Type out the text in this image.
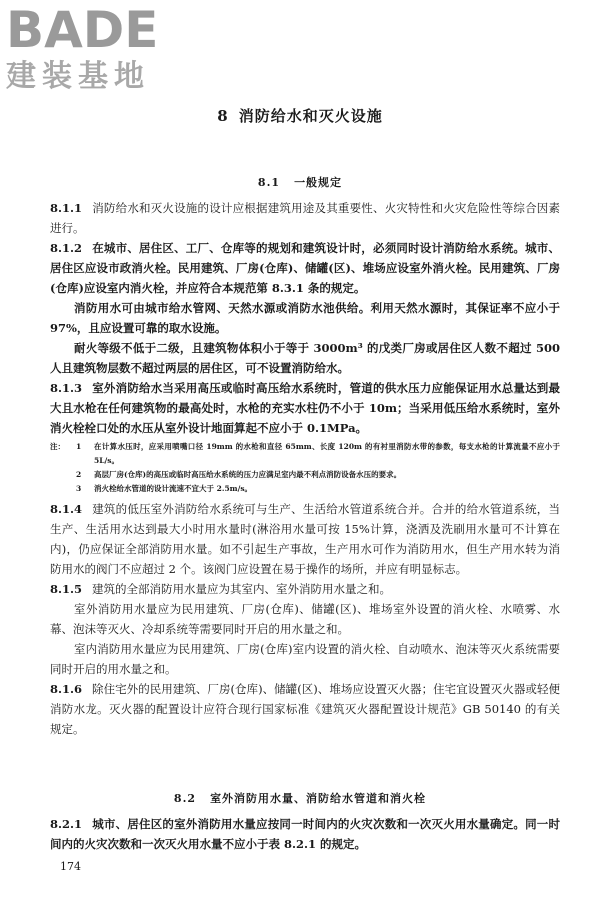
BADE
建装基地
8 消防给水和灭火设施
8.1 一般规定

8.1.1 消防给水和灭火设施的设计应根据建筑用途及其重要性、火灾特性和火灾危险性等综合因素进行。

8.1.2 在城市、居住区、工厂、仓库等的规划和建筑设计时，必须同时设计消防给水系统。城市、居住区应设市政消火栓。民用建筑、厂房(仓库)、储罐(区)、堆场应设室外消火栓。民用建筑、厂房(仓库)应设室内消火栓，并应符合本规范第 8.3.1 条的规定。

消防用水可由城市给水管网、天然水源或消防水池供给。利用天然水源时，其保证率不应小于 97%，且应设置可靠的取水设施。

耐火等级不低于二级，且建筑物体积小于等于 3000m³ 的戊类厂房或居住区人数不超过 500 人且建筑物层数不超过两层的居住区，可不设置消防给水。

8.1.3 室外消防给水当采用高压或临时高压给水系统时，管道的供水压力应能保证用水总量达到最大且水枪在任何建筑物的最高处时，水枪的充实水柱仍不小于 10m；当采用低压给水系统时，室外消火栓栓口处的水压从室外设计地面算起不应小于 0.1MPa。

注：	1	在计算水压时，应采用喷嘴口径 19mm 的水枪和直径 65mm、长度 120m 的有衬里消防水带的参数，每支水枪的计算流量不应小于 5L/s。
2	高层厂房(仓库)的高压或临时高压给水系统的压力应满足室内最不利点消防设备水压的要求。
3	消火栓给水管道的设计流速不宜大于 2.5m/s。

8.1.4 建筑的低压室外消防给水系统可与生产、生活给水管道系统合并。合并的给水管道系统，当生产、生活用水达到最大小时用水量时(淋浴用水量可按 15%计算，浇洒及洗刷用水量可不计算在内)，仍应保证全部消防用水量。如不引起生产事故，生产用水可作为消防用水，但生产用水转为消防用水的阀门不应超过 2 个。该阀门应设置在易于操作的场所，并应有明显标志。

8.1.5 建筑的全部消防用水量应为其室内、室外消防用水量之和。

室外消防用水量应为民用建筑、厂房(仓库)、储罐(区)、堆场室外设置的消火栓、水喷雾、水幕、泡沫等灭火、冷却系统等需要同时开启的用水量之和。

室内消防用水量应为民用建筑、厂房(仓库)室内设置的消火栓、自动喷水、泡沫等灭火系统需要同时开启的用水量之和。

8.1.6 除住宅外的民用建筑、厂房(仓库)、储罐(区)、堆场应设置灭火器；住宅宜设置灭火器或轻便消防水龙。灭火器的配置设计应符合现行国家标准《建筑灭火器配置设计规范》GB 50140 的有关规定。

8.2 室外消防用水量、消防给水管道和消火栓

8.2.1 城市、居住区的室外消防用水量应按同一时间内的火灾次数和一次灭火用水量确定。同一时间内的火灾次数和一次灭火用水量不应小于表 8.2.1 的规定。

174
